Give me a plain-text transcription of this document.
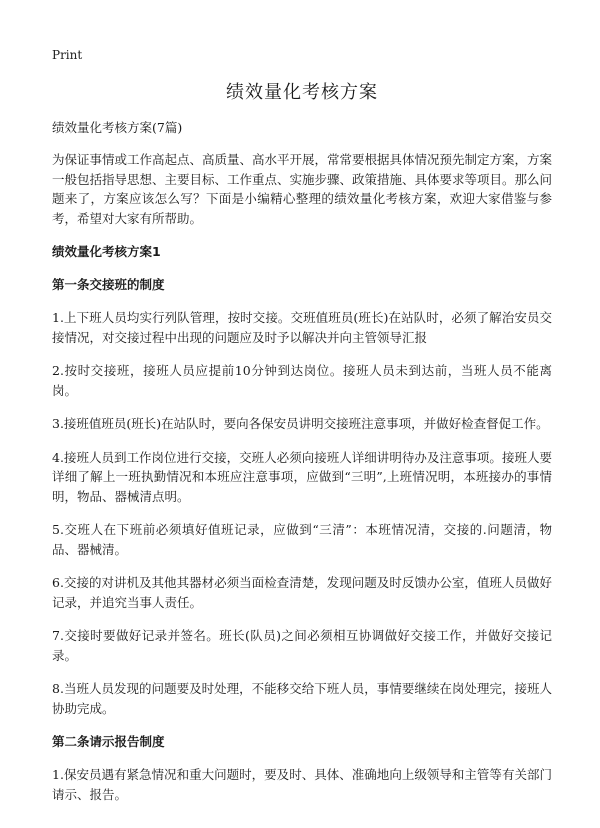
Print
绩效量化考核方案
绩效量化考核方案(7篇)

为保证事情或工作高起点、高质量、高水平开展，常常要根据具体情况预先制定方案，方案一般包括指导思想、主要目标、工作重点、实施步骤、政策措施、具体要求等项目。那么问题来了，方案应该怎么写？下面是小编精心整理的绩效量化考核方案，欢迎大家借鉴与参考，希望对大家有所帮助。

绩效量化考核方案1
第一条交接班的制度

1.上下班人员均实行列队管理，按时交接。交班值班员(班长)在站队时，必须了解治安员交接情况，对交接过程中出现的问题应及时予以解决并向主管领导汇报

2.按时交接班，接班人员应提前10分钟到达岗位。接班人员未到达前，当班人员不能离岗。

3.接班值班员(班长)在站队时，要向各保安员讲明交接班注意事项，并做好检查督促工作。

4.接班人员到工作岗位进行交接，交班人必须向接班人详细讲明待办及注意事项。接班人要详细了解上一班执勤情况和本班应注意事项，应做到“三明”,上班情况明，本班接办的事情明，物品、器械清点明。

5.交班人在下班前必须填好值班记录，应做到“三清”：本班情况清，交接的.问题清，物品、器械清。

6.交接的对讲机及其他其器材必须当面检查清楚，发现问题及时反馈办公室，值班人员做好记录，并追究当事人责任。

7.交接时要做好记录并签名。班长(队员)之间必须相互协调做好交接工作，并做好交接记录。

8.当班人员发现的问题要及时处理，不能移交给下班人员，事情要继续在岗处理完，接班人协助完成。

第二条请示报告制度

1.保安员遇有紧急情况和重大问题时，要及时、具体、准确地向上级领导和主管等有关部门请示、报告。
